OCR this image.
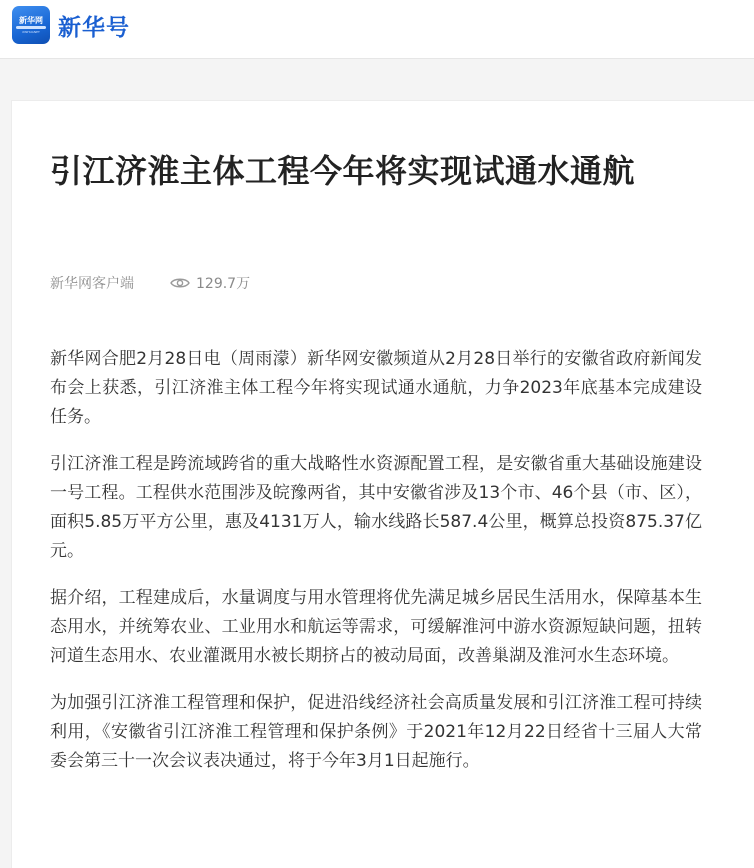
新华网
XINHUANET 新华号
引江济淮主体工程今年将实现试通水通航
新华网客户端	129.7万

新华网合肥2月28日电（周雨濛）新华网安徽频道从2月28日举行的安徽省政府新闻发布会上获悉，引江济淮主体工程今年将实现试通水通航，力争2023年底基本完成建设任务。

引江济淮工程是跨流域跨省的重大战略性水资源配置工程，是安徽省重大基础设施建设一号工程。工程供水范围涉及皖豫两省，其中安徽省涉及13个市、46个县（市、区），面积5.85万平方公里，惠及4131万人，输水线路长587.4公里，概算总投资875.37亿元。

据介绍，工程建成后，水量调度与用水管理将优先满足城乡居民生活用水，保障基本生态用水，并统筹农业、工业用水和航运等需求，可缓解淮河中游水资源短缺问题，扭转河道生态用水、农业灌溉用水被长期挤占的被动局面，改善巢湖及淮河水生态环境。

为加强引江济淮工程管理和保护，促进沿线经济社会高质量发展和引江济淮工程可持续利用，《安徽省引江济淮工程管理和保护条例》于2021年12月22日经省十三届人大常委会第三十一次会议表决通过，将于今年3月1日起施行。
